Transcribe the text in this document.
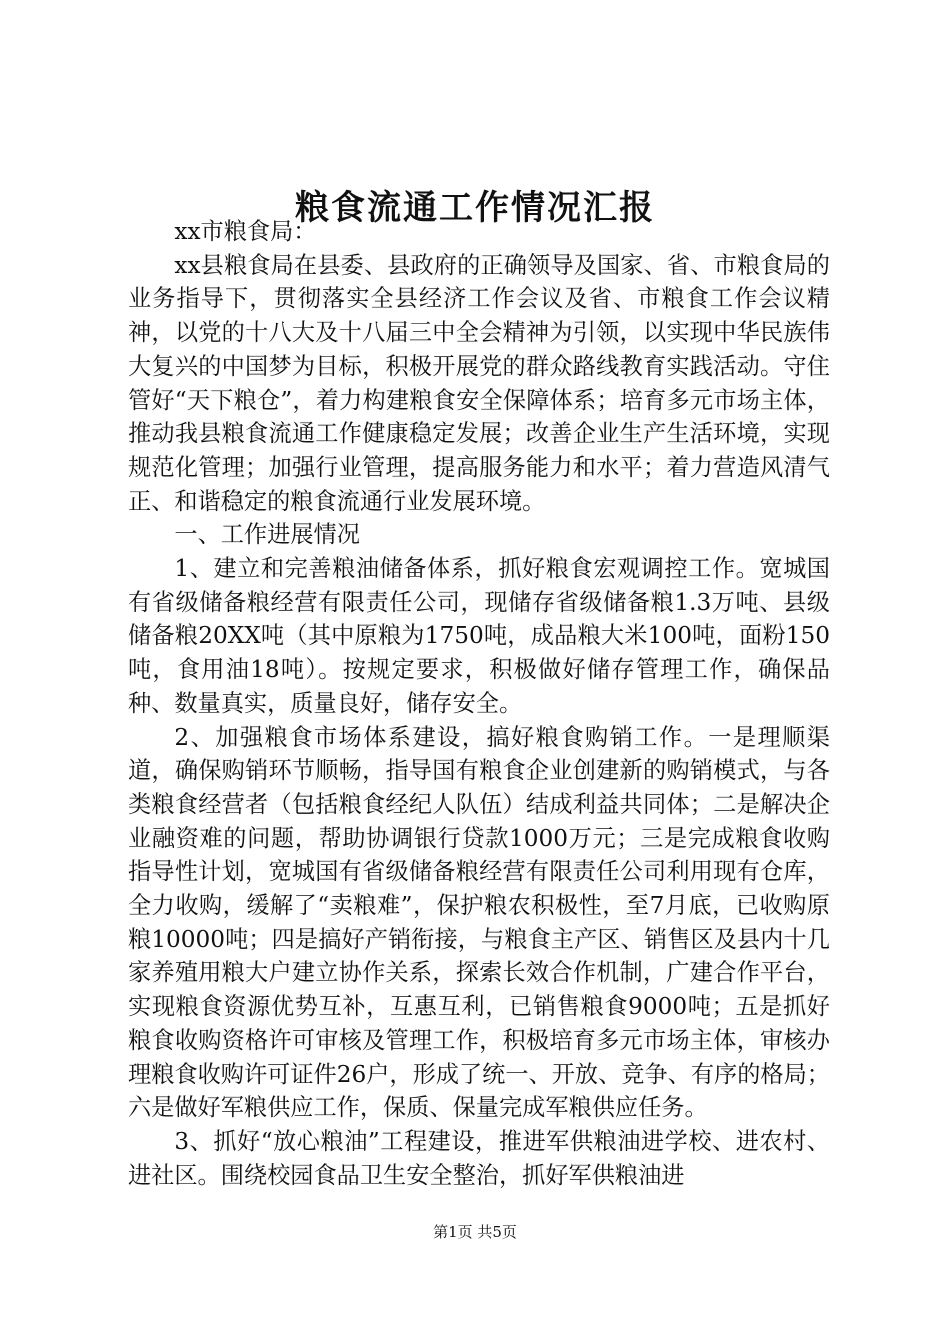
粮食流通工作情况汇报

xx市粮食局：

xx县粮食局在县委、县政府的正确领导及国家、省、市粮食局的业务指导下，贯彻落实全县经济工作会议及省、市粮食工作会议精神，以党的十八大及十八届三中全会精神为引领，以实现中华民族伟大复兴的中国梦为目标，积极开展党的群众路线教育实践活动。守住管好“天下粮仓”，着力构建粮食安全保障体系；培育多元市场主体，推动我县粮食流通工作健康稳定发展；改善企业生产生活环境，实现规范化管理；加强行业管理，提高服务能力和水平；着力营造风清气正、和谐稳定的粮食流通行业发展环境。

一、工作进展情况

1、建立和完善粮油储备体系，抓好粮食宏观调控工作。宽城国有省级储备粮经营有限责任公司，现储存省级储备粮1.3万吨、县级储备粮20XX吨（其中原粮为1750吨，成品粮大米100吨，面粉150吨，食用油18吨）。按规定要求，积极做好储存管理工作，确保品种、数量真实，质量良好，储存安全。

2、加强粮食市场体系建设，搞好粮食购销工作。一是理顺渠道，确保购销环节顺畅，指导国有粮食企业创建新的购销模式，与各类粮食经营者（包括粮食经纪人队伍）结成利益共同体；二是解决企业融资难的问题，帮助协调银行贷款1000万元；三是完成粮食收购指导性计划，宽城国有省级储备粮经营有限责任公司利用现有仓库，全力收购，缓解了“卖粮难”，保护粮农积极性，至7月底，已收购原粮10000吨；四是搞好产销衔接，与粮食主产区、销售区及县内十几家养殖用粮大户建立协作关系，探索长效合作机制，广建合作平台，实现粮食资源优势互补，互惠互利，已销售粮食9000吨；五是抓好粮食收购资格许可审核及管理工作，积极培育多元市场主体，审核办理粮食收购许可证件26户，形成了统一、开放、竞争、有序的格局；六是做好军粮供应工作，保质、保量完成军粮供应任务。

3、抓好“放心粮油”工程建设，推进军供粮油进学校、进农村、进社区。围绕校园食品卫生安全整治，抓好军供粮油进

第1页 共5页
